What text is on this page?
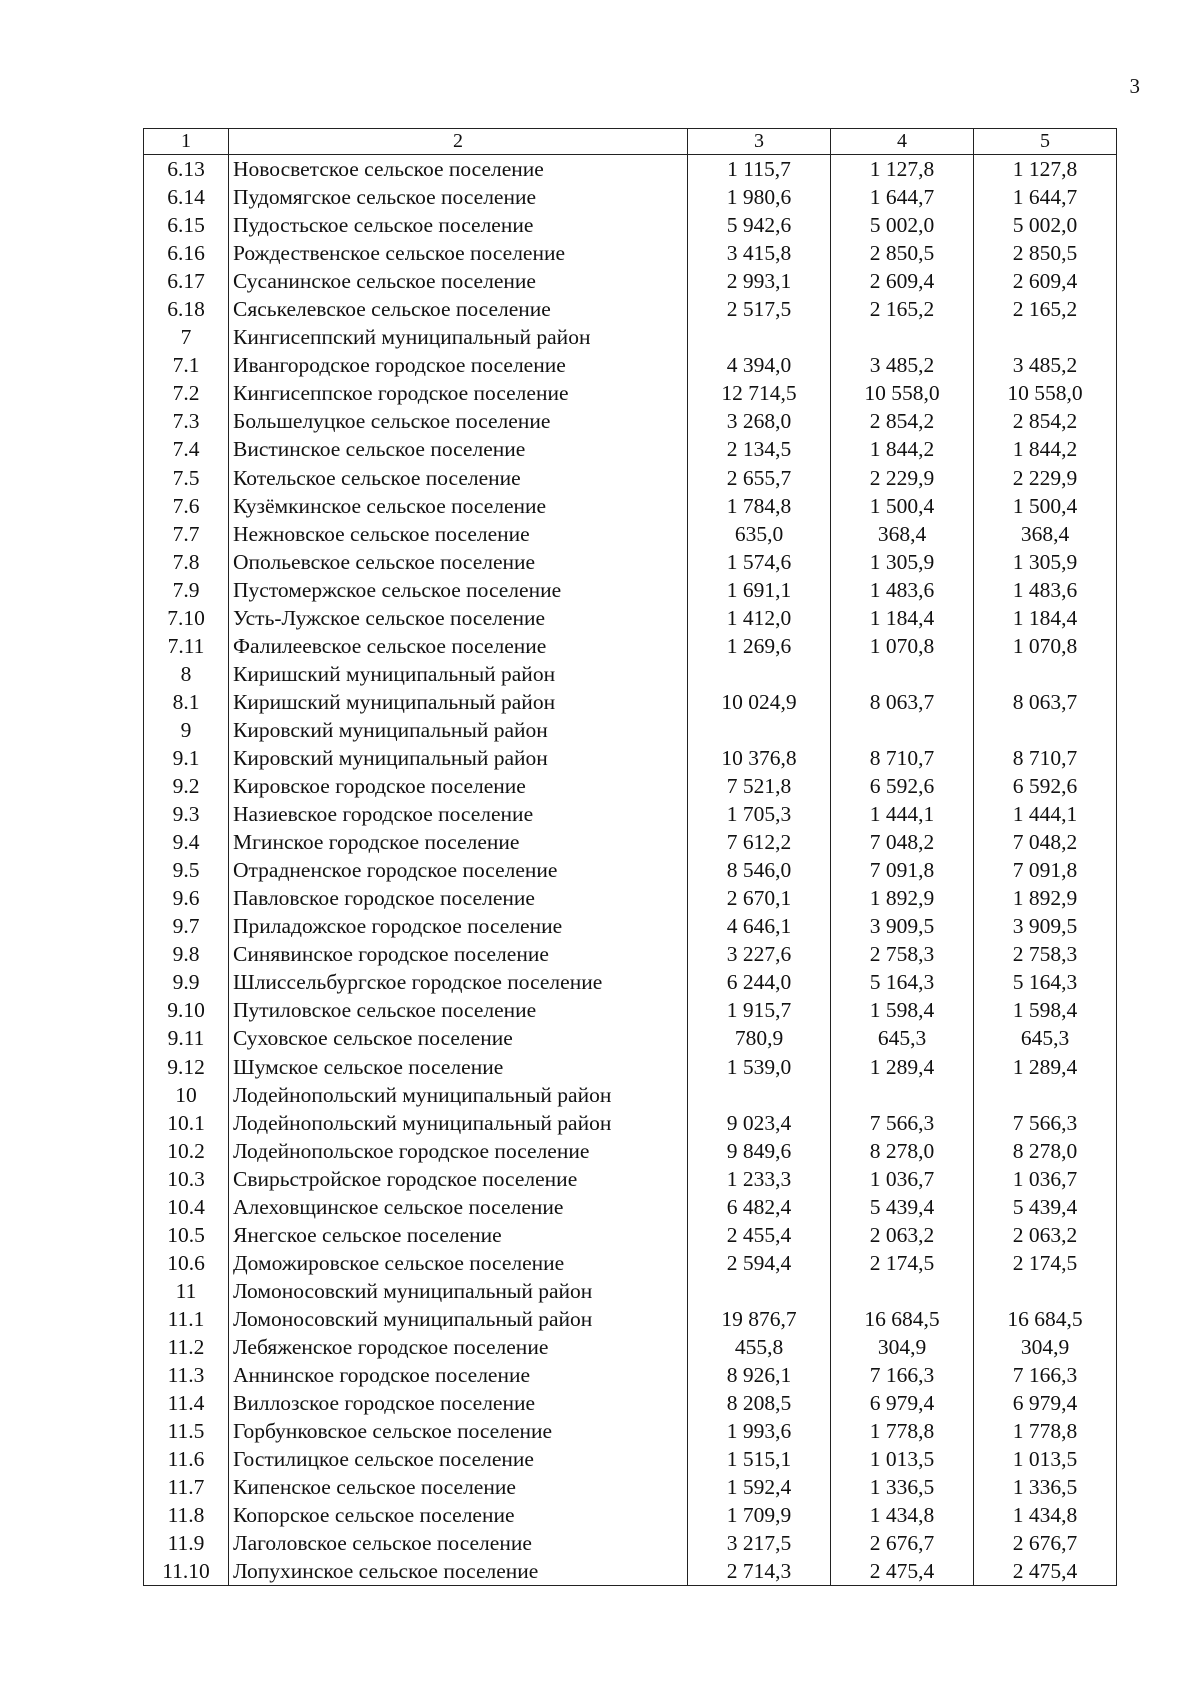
3
1	2	3	4	5
6.13	Новосветское сельское поселение	1 115,7	1 127,8	1 127,8
6.14	Пудомягское сельское поселение	1 980,6	1 644,7	1 644,7
6.15	Пудостьское сельское поселение	5 942,6	5 002,0	5 002,0
6.16	Рождественское сельское поселение	3 415,8	2 850,5	2 850,5
6.17	Сусанинское сельское поселение	2 993,1	2 609,4	2 609,4
6.18	Сяськелевское сельское поселение	2 517,5	2 165,2	2 165,2
7	Кингисеппский муниципальный район			
7.1	Ивангородское городское поселение	4 394,0	3 485,2	3 485,2
7.2	Кингисеппское городское поселение	12 714,5	10 558,0	10 558,0
7.3	Большелуцкое сельское поселение	3 268,0	2 854,2	2 854,2
7.4	Вистинское сельское поселение	2 134,5	1 844,2	1 844,2
7.5	Котельское сельское поселение	2 655,7	2 229,9	2 229,9
7.6	Кузёмкинское сельское поселение	1 784,8	1 500,4	1 500,4
7.7	Нежновское сельское поселение	635,0	368,4	368,4
7.8	Опольевское сельское поселение	1 574,6	1 305,9	1 305,9
7.9	Пустомержское сельское поселение	1 691,1	1 483,6	1 483,6
7.10	Усть-Лужское сельское поселение	1 412,0	1 184,4	1 184,4
7.11	Фалилеевское сельское поселение	1 269,6	1 070,8	1 070,8
8	Киришский муниципальный район			
8.1	Киришский муниципальный район	10 024,9	8 063,7	8 063,7
9	Кировский муниципальный район			
9.1	Кировский муниципальный район	10 376,8	8 710,7	8 710,7
9.2	Кировское городское поселение	7 521,8	6 592,6	6 592,6
9.3	Назиевское городское поселение	1 705,3	1 444,1	1 444,1
9.4	Мгинское городское поселение	7 612,2	7 048,2	7 048,2
9.5	Отрадненское городское поселение	8 546,0	7 091,8	7 091,8
9.6	Павловское городское поселение	2 670,1	1 892,9	1 892,9
9.7	Приладожское городское поселение	4 646,1	3 909,5	3 909,5
9.8	Синявинское городское поселение	3 227,6	2 758,3	2 758,3
9.9	Шлиссельбургское городское поселение	6 244,0	5 164,3	5 164,3
9.10	Путиловское сельское поселение	1 915,7	1 598,4	1 598,4
9.11	Суховское сельское поселение	780,9	645,3	645,3
9.12	Шумское сельское поселение	1 539,0	1 289,4	1 289,4
10	Лодейнопольский муниципальный район			
10.1	Лодейнопольский муниципальный район	9 023,4	7 566,3	7 566,3
10.2	Лодейнопольское городское поселение	9 849,6	8 278,0	8 278,0
10.3	Свирьстройское городское поселение	1 233,3	1 036,7	1 036,7
10.4	Алеховщинское сельское поселение	6 482,4	5 439,4	5 439,4
10.5	Янегское сельское поселение	2 455,4	2 063,2	2 063,2
10.6	Доможировское сельское поселение	2 594,4	2 174,5	2 174,5
11	Ломоносовский муниципальный район			
11.1	Ломоносовский муниципальный район	19 876,7	16 684,5	16 684,5
11.2	Лебяженское городское поселение	455,8	304,9	304,9
11.3	Аннинское городское поселение	8 926,1	7 166,3	7 166,3
11.4	Виллозское городское поселение	8 208,5	6 979,4	6 979,4
11.5	Горбунковское сельское поселение	1 993,6	1 778,8	1 778,8
11.6	Гостилицкое сельское поселение	1 515,1	1 013,5	1 013,5
11.7	Кипенское сельское поселение	1 592,4	1 336,5	1 336,5
11.8	Копорское сельское поселение	1 709,9	1 434,8	1 434,8
11.9	Лаголовское сельское поселение	3 217,5	2 676,7	2 676,7
11.10	Лопухинское сельское поселение	2 714,3	2 475,4	2 475,4
